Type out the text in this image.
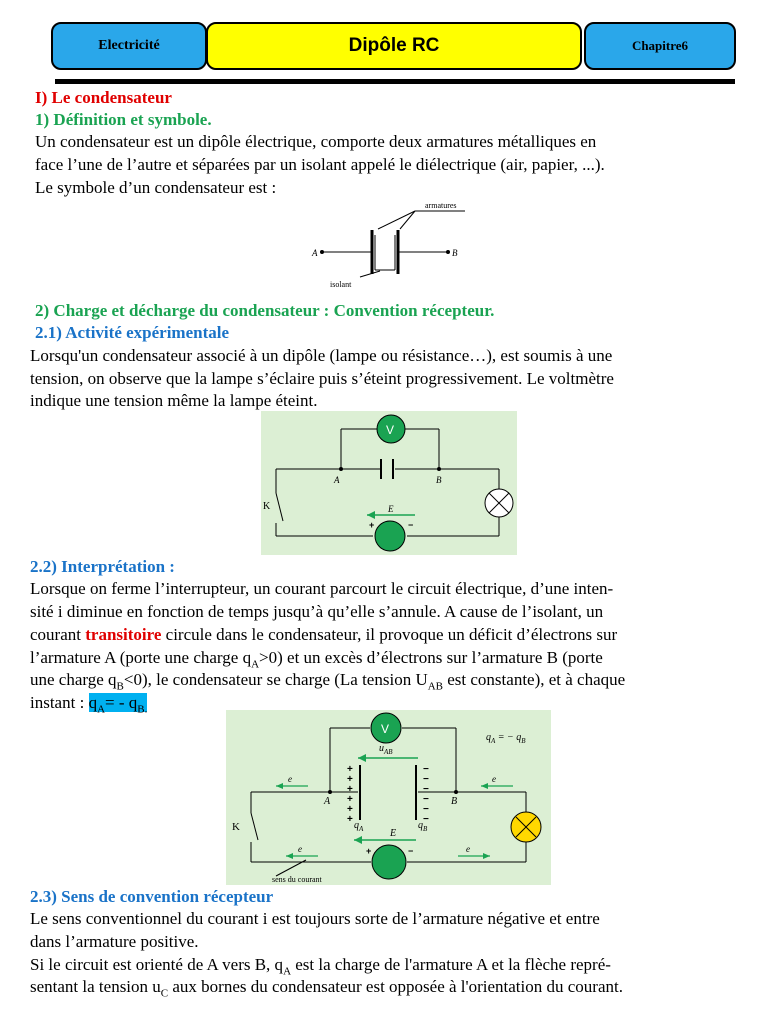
Electricité	Dipôle RC	Chapitre6
I) Le condensateur
1) Définition et symbole.
Un condensateur est un dipôle électrique, comporte deux armatures métalliques en
face l’une de l’autre et séparées par un isolant appelé le diélectrique (air, papier, ...).
Le symbole d’un condensateur est :
armatures
isolant
A	B
2) Charge et décharge du condensateur : Convention récepteur.
2.1) Activité expérimentale
Lorsqu'un condensateur associé à un dipôle (lampe ou résistance…), est soumis à une
tension, on observe que la lampe s’éclaire puis s’éteint progressivement. Le voltmètre
indique une tension même la lampe éteint.
V
+	−
E
A	B
K
2.2) Interprétation :
Lorsque on ferme l’interrupteur, un courant parcourt le circuit électrique, d’une inten-
sité i diminue en fonction de temps jusqu’à qu’elle s’annule. A cause de l’isolant, un
courant transitoire circule dans le condensateur, il provoque un déficit d’électrons sur
l’armature A (porte une charge $q_A>0$) et un excès d’électrons sur l’armature B (porte
une charge $q_B<0$), le condensateur se charge (La tension $U_{AB}$ est constante), et à chaque
instant : $q_A= - q_{B.}$
V
+	−
E
+
+
+
+
+
+
−
−
−
−
−
−
$u_{AB}$
A	B
K	$q_A$	$q_B$
$q_A$ = − $q_B$
e	e
e	e
sens du courant
2.3) Sens de convention récepteur
Le sens conventionnel du courant i est toujours sorte de l’armature négative et entre
dans l’armature positive.
Si le circuit est orienté de A vers B, $q_A$ est la charge de l'armature A et la flèche repré-
sentant la tension $u_C$ aux bornes du condensateur est opposée à l'orientation du courant.
